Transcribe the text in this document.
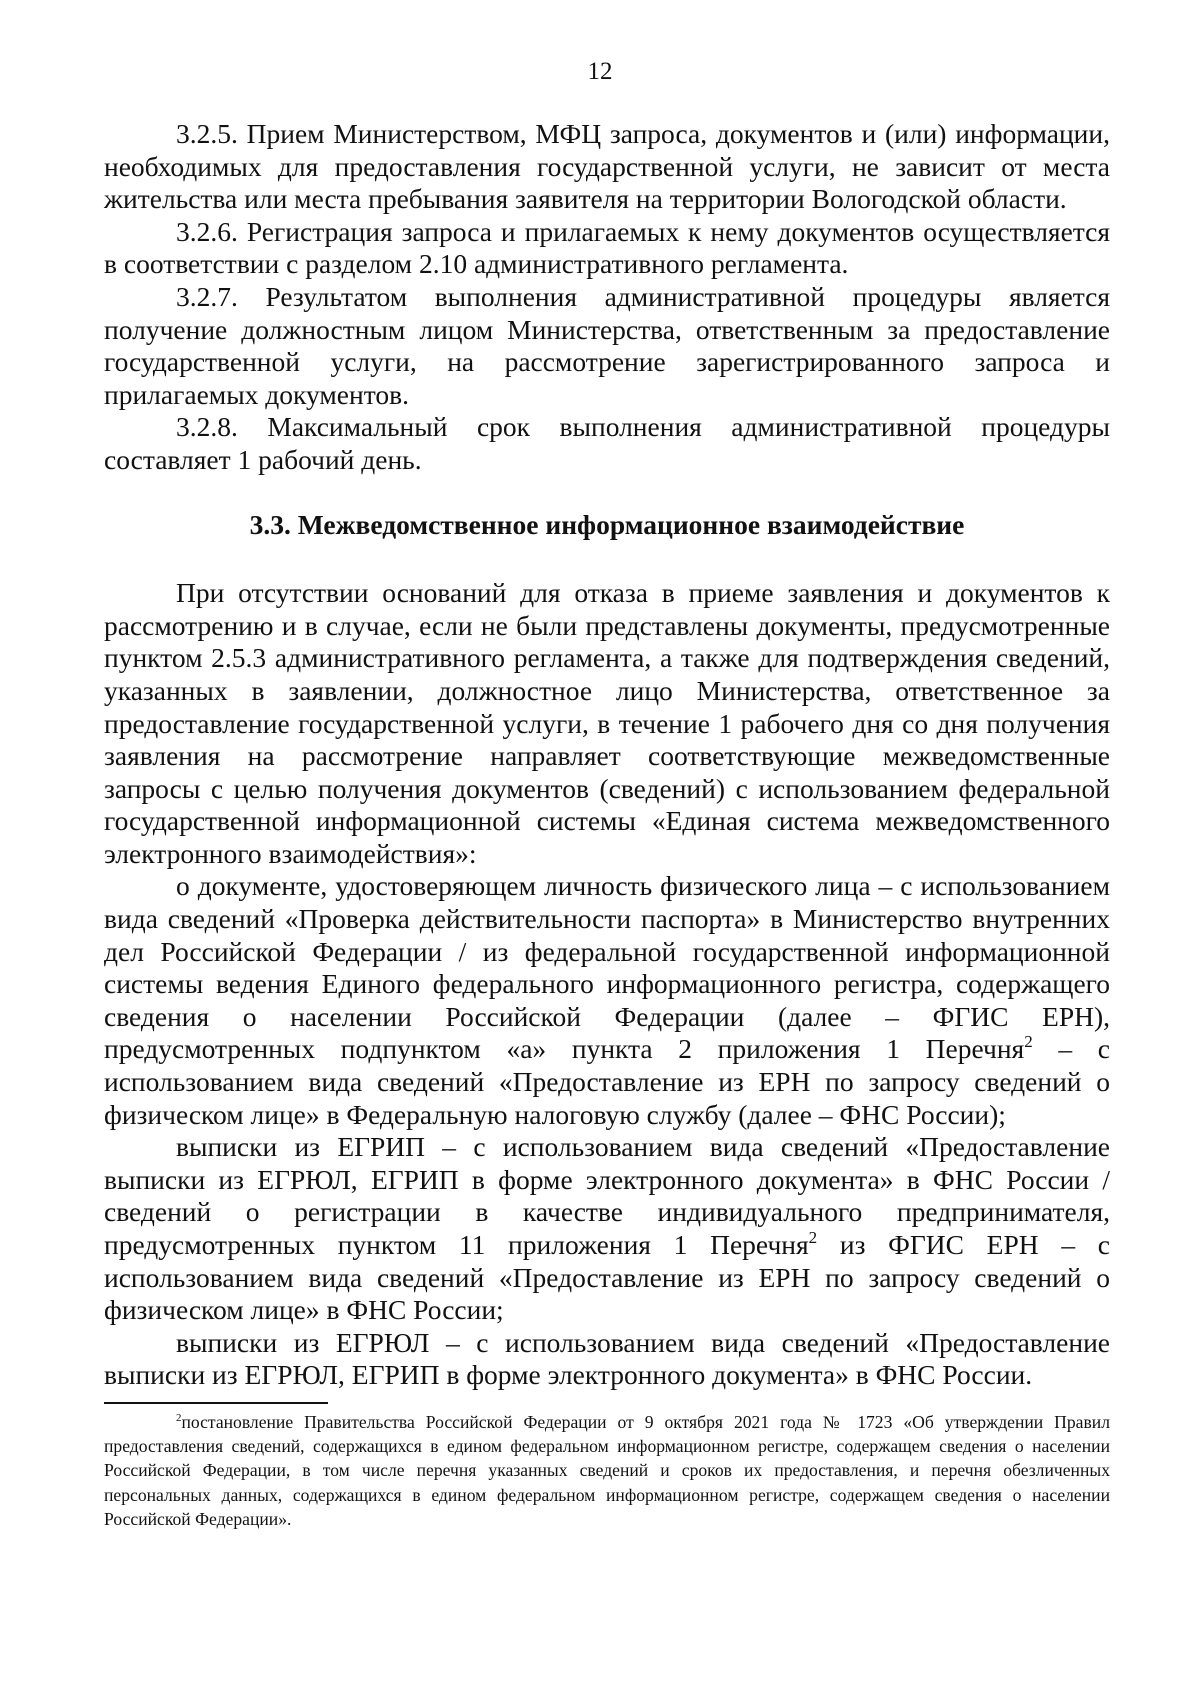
12

3.2.5. Прием Министерством, МФЦ запроса, документов и (или) информации, необходимых для предоставления государственной услуги, не зависит от места жительства или места пребывания заявителя на территории Вологодской области.

3.2.6. Регистрация запроса и прилагаемых к нему документов осуществляется в соответствии с разделом 2.10 административного регламента.

3.2.7. Результатом выполнения административной процедуры является получение должностным лицом Министерства, ответственным за предоставление государственной услуги, на рассмотрение зарегистрированного запроса и прилагаемых документов.

3.2.8. Максимальный срок выполнения административной процедуры составляет 1 рабочий день.

3.3. Межведомственное информационное взаимодействие

При отсутствии оснований для отказа в приеме заявления и документов к рассмотрению и в случае, если не были представлены документы, предусмотренные пунктом 2.5.3 административного регламента, а также для подтверждения сведений, указанных в заявлении, должностное лицо Министерства, ответственное за предоставление государственной услуги, в течение 1 рабочего дня со дня получения заявления на рассмотрение направляет соответствующие межведомственные запросы с целью получения документов (сведений) с использованием федеральной государственной информационной системы «Единая система межведомственного электронного взаимодействия»:

о документе, удостоверяющем личность физического лица – с использованием вида сведений «Проверка действительности паспорта» в Министерство внутренних дел Российской Федерации / из федеральной государственной информационной системы ведения Единого федерального информационного регистра, содержащего сведения о населении Российской Федерации (далее – ФГИС ЕРН), предусмотренных подпунктом «а» пункта 2 приложения 1 Перечня$^2$ – с использованием вида сведений «Предоставление из ЕРН по запросу сведений о физическом лице» в Федеральную налоговую службу (далее – ФНС России);

выписки из ЕГРИП – с использованием вида сведений «Предоставление выписки из ЕГРЮЛ, ЕГРИП в форме электронного документа» в ФНС России / сведений о регистрации в качестве индивидуального предпринимателя, предусмотренных пунктом 11 приложения 1 Перечня$^2$ из ФГИС ЕРН – с использованием вида сведений «Предоставление из ЕРН по запросу сведений о физическом лице» в ФНС России;

выписки из ЕГРЮЛ – с использованием вида сведений «Предоставление выписки из ЕГРЮЛ, ЕГРИП в форме электронного документа» в ФНС России.

$^2$постановление Правительства Российской Федерации от 9 октября 2021 года № 1723 «Об утверждении Правил предоставления сведений, содержащихся в едином федеральном информационном регистре, содержащем сведения о населении Российской Федерации, в том числе перечня указанных сведений и сроков их предоставления, и перечня обезличенных персональных данных, содержащихся в едином федеральном информационном регистре, содержащем сведения о населении Российской Федерации».
